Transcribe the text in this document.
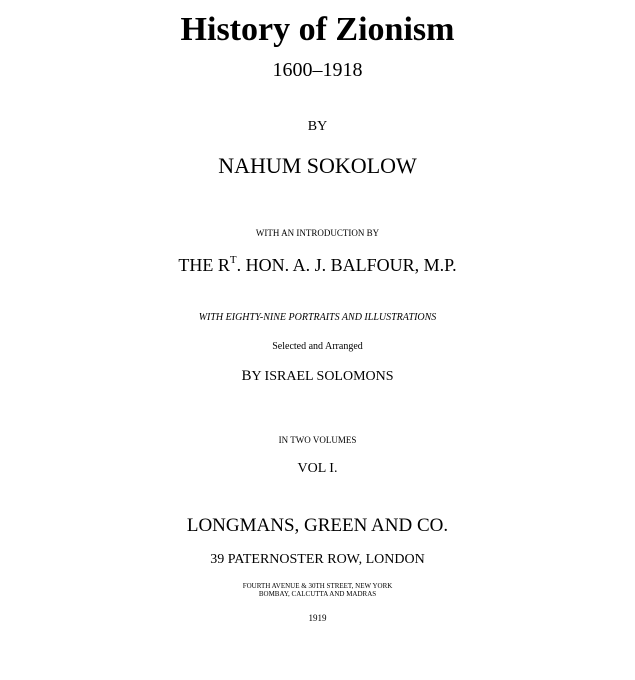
History of Zionism
1600–1918
BY
NAHUM SOKOLOW
WITH AN INTRODUCTION BY
THE $R^T$. HON. A. J. BALFOUR, M.P.
WITH EIGHTY-NINE PORTRAITS AND ILLUSTRATIONS
Selected and Arranged
BY ISRAEL SOLOMONS
IN TWO VOLUMES
VOL I.
LONGMANS, GREEN AND CO.
39 PATERNOSTER ROW, LONDON
FOURTH AVENUE & 30TH STREET, NEW YORK
BOMBAY, CALCUTTA AND MADRAS
1919
